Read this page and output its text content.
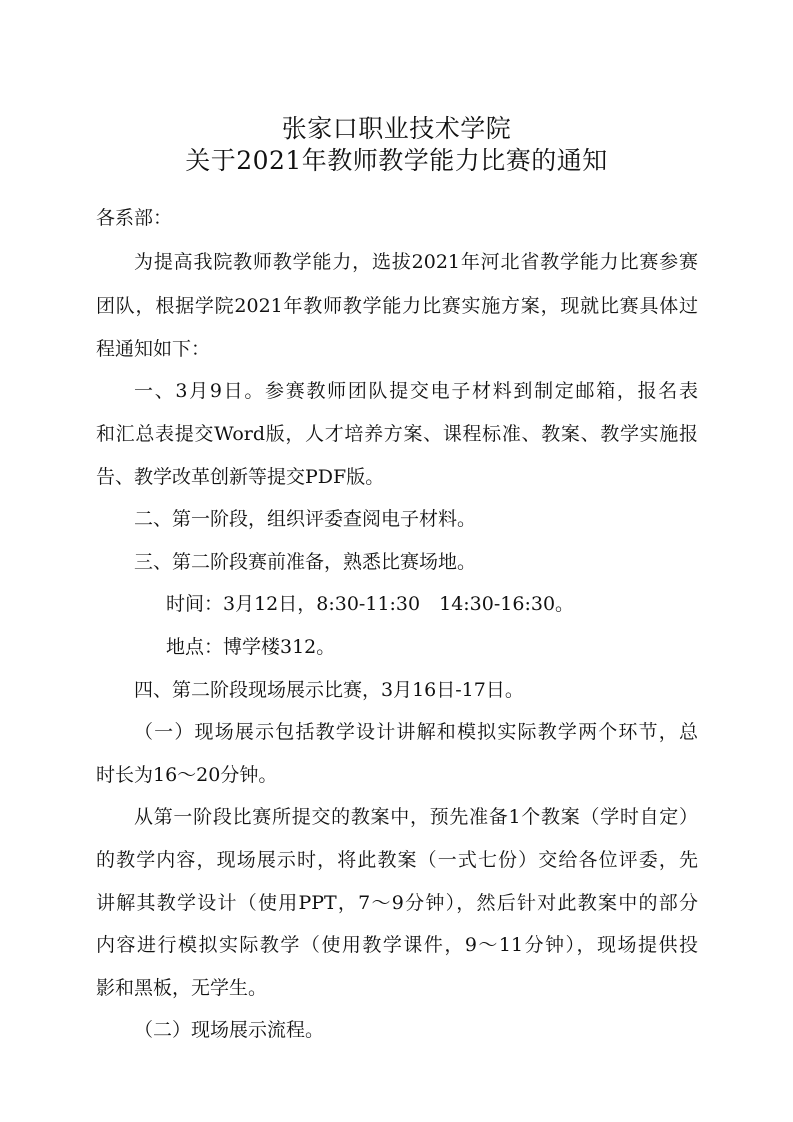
张家口职业技术学院
关于2021年教师教学能力比赛的通知
各系部：
为提高我院教师教学能力，选拔2021年河北省教学能力比赛参赛
团队，根据学院2021年教师教学能力比赛实施方案，现就比赛具体过
程通知如下：
一、3月9日。参赛教师团队提交电子材料到制定邮箱，报名表
和汇总表提交Word版，人才培养方案、课程标准、教案、教学实施报
告、教学改革创新等提交PDF版。
二、第一阶段，组织评委查阅电子材料。
三、第二阶段赛前准备，熟悉比赛场地。
时间：3月12日，8:30-11:30　14:30-16:30。
地点：博学楼312。
四、第二阶段现场展示比赛，3月16日-17日。
（一）现场展示包括教学设计讲解和模拟实际教学两个环节，总
时长为16～20分钟。
从第一阶段比赛所提交的教案中，预先准备1个教案（学时自定）
的教学内容，现场展示时，将此教案（一式七份）交给各位评委，先
讲解其教学设计（使用PPT，7～9分钟），然后针对此教案中的部分
内容进行模拟实际教学（使用教学课件，9～11分钟），现场提供投
影和黑板，无学生。
（二）现场展示流程。
